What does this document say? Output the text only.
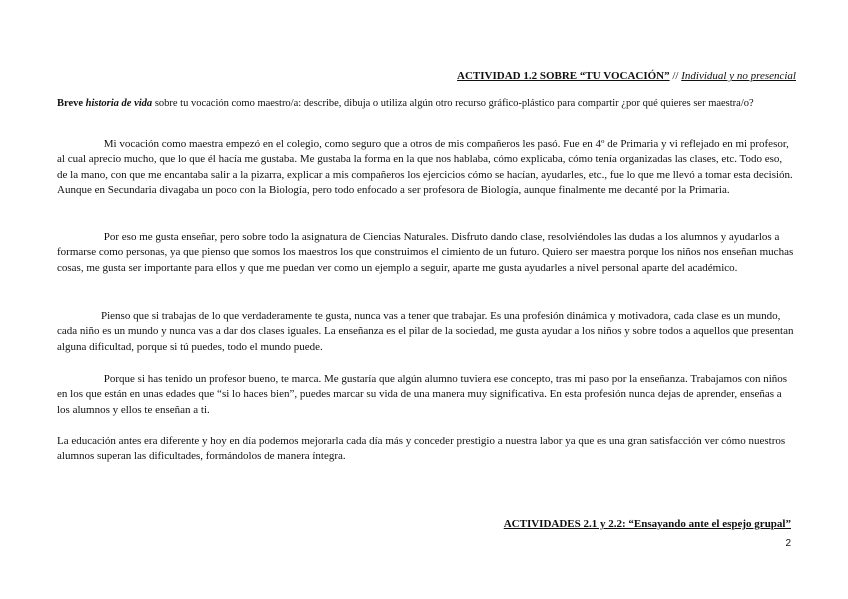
ACTIVIDAD 1.2 SOBRE “TU VOCACIÓN” // Individual y no presencial
Breve historia de vida sobre tu vocación como maestro/a: describe, dibuja o utiliza algún otro recurso gráfico-plástico para compartir ¿por qué quieres ser maestra/o?
     Mi vocación como maestra empezó en el colegio, como seguro que a otros de mis compañeros les pasó. Fue en 4º de Primaria y vi reflejado en mi profesor, al cual aprecio mucho, que lo que él hacía me gustaba. Me gustaba la forma en la que nos hablaba, cómo explicaba, cómo tenía organizadas las clases, etc. Todo eso, de la mano, con que me encantaba salir a la pizarra, explicar a mis compañeros los ejercicios cómo se hacían, ayudarles, etc., fue lo que me llevó a tomar esta decisión. Aunque en Secundaria divagaba un poco con la Biología, pero todo enfocado a ser profesora de Biología, aunque finalmente me decanté por la Primaria.
     Por eso me gusta enseñar, pero sobre todo la asignatura de Ciencias Naturales. Disfruto dando clase, resolviéndoles las dudas a los alumnos y ayudarlos a formarse como personas, ya que pienso que somos los maestros los que construimos el cimiento de un futuro. Quiero ser maestra porque los niños nos enseñan muchas cosas, me gusta ser importante para ellos y que me puedan ver como un ejemplo a seguir, aparte me gusta ayudarles a nivel personal aparte del académico.
    Pienso que si trabajas de lo que verdaderamente te gusta, nunca vas a tener que trabajar. Es una profesión dinámica y motivadora, cada clase es un mundo, cada niño es un mundo y nunca vas a dar dos clases iguales. La enseñanza es el pilar de la sociedad, me gusta ayudar a los niños y sobre todos a aquellos que presentan alguna dificultad, porque si tú puedes, todo el mundo puede.
     Porque si has tenido un profesor bueno, te marca. Me gustaría que algún alumno tuviera ese concepto, tras mi paso por la enseñanza. Trabajamos con niños en los que están en unas edades que “si lo haces bien”, puedes marcar su vida de una manera muy significativa. En esta profesión nunca dejas de aprender, enseñas a los alumnos y ellos te enseñan a ti.
La educación antes era diferente y hoy en día podemos mejorarla cada día más y conceder prestigio a nuestra labor ya que es una gran satisfacción ver cómo nuestros alumnos superan las dificultades, formándolos de manera íntegra.
ACTIVIDADES 2.1 y 2.2: “Ensayando ante el espejo grupal”
2
